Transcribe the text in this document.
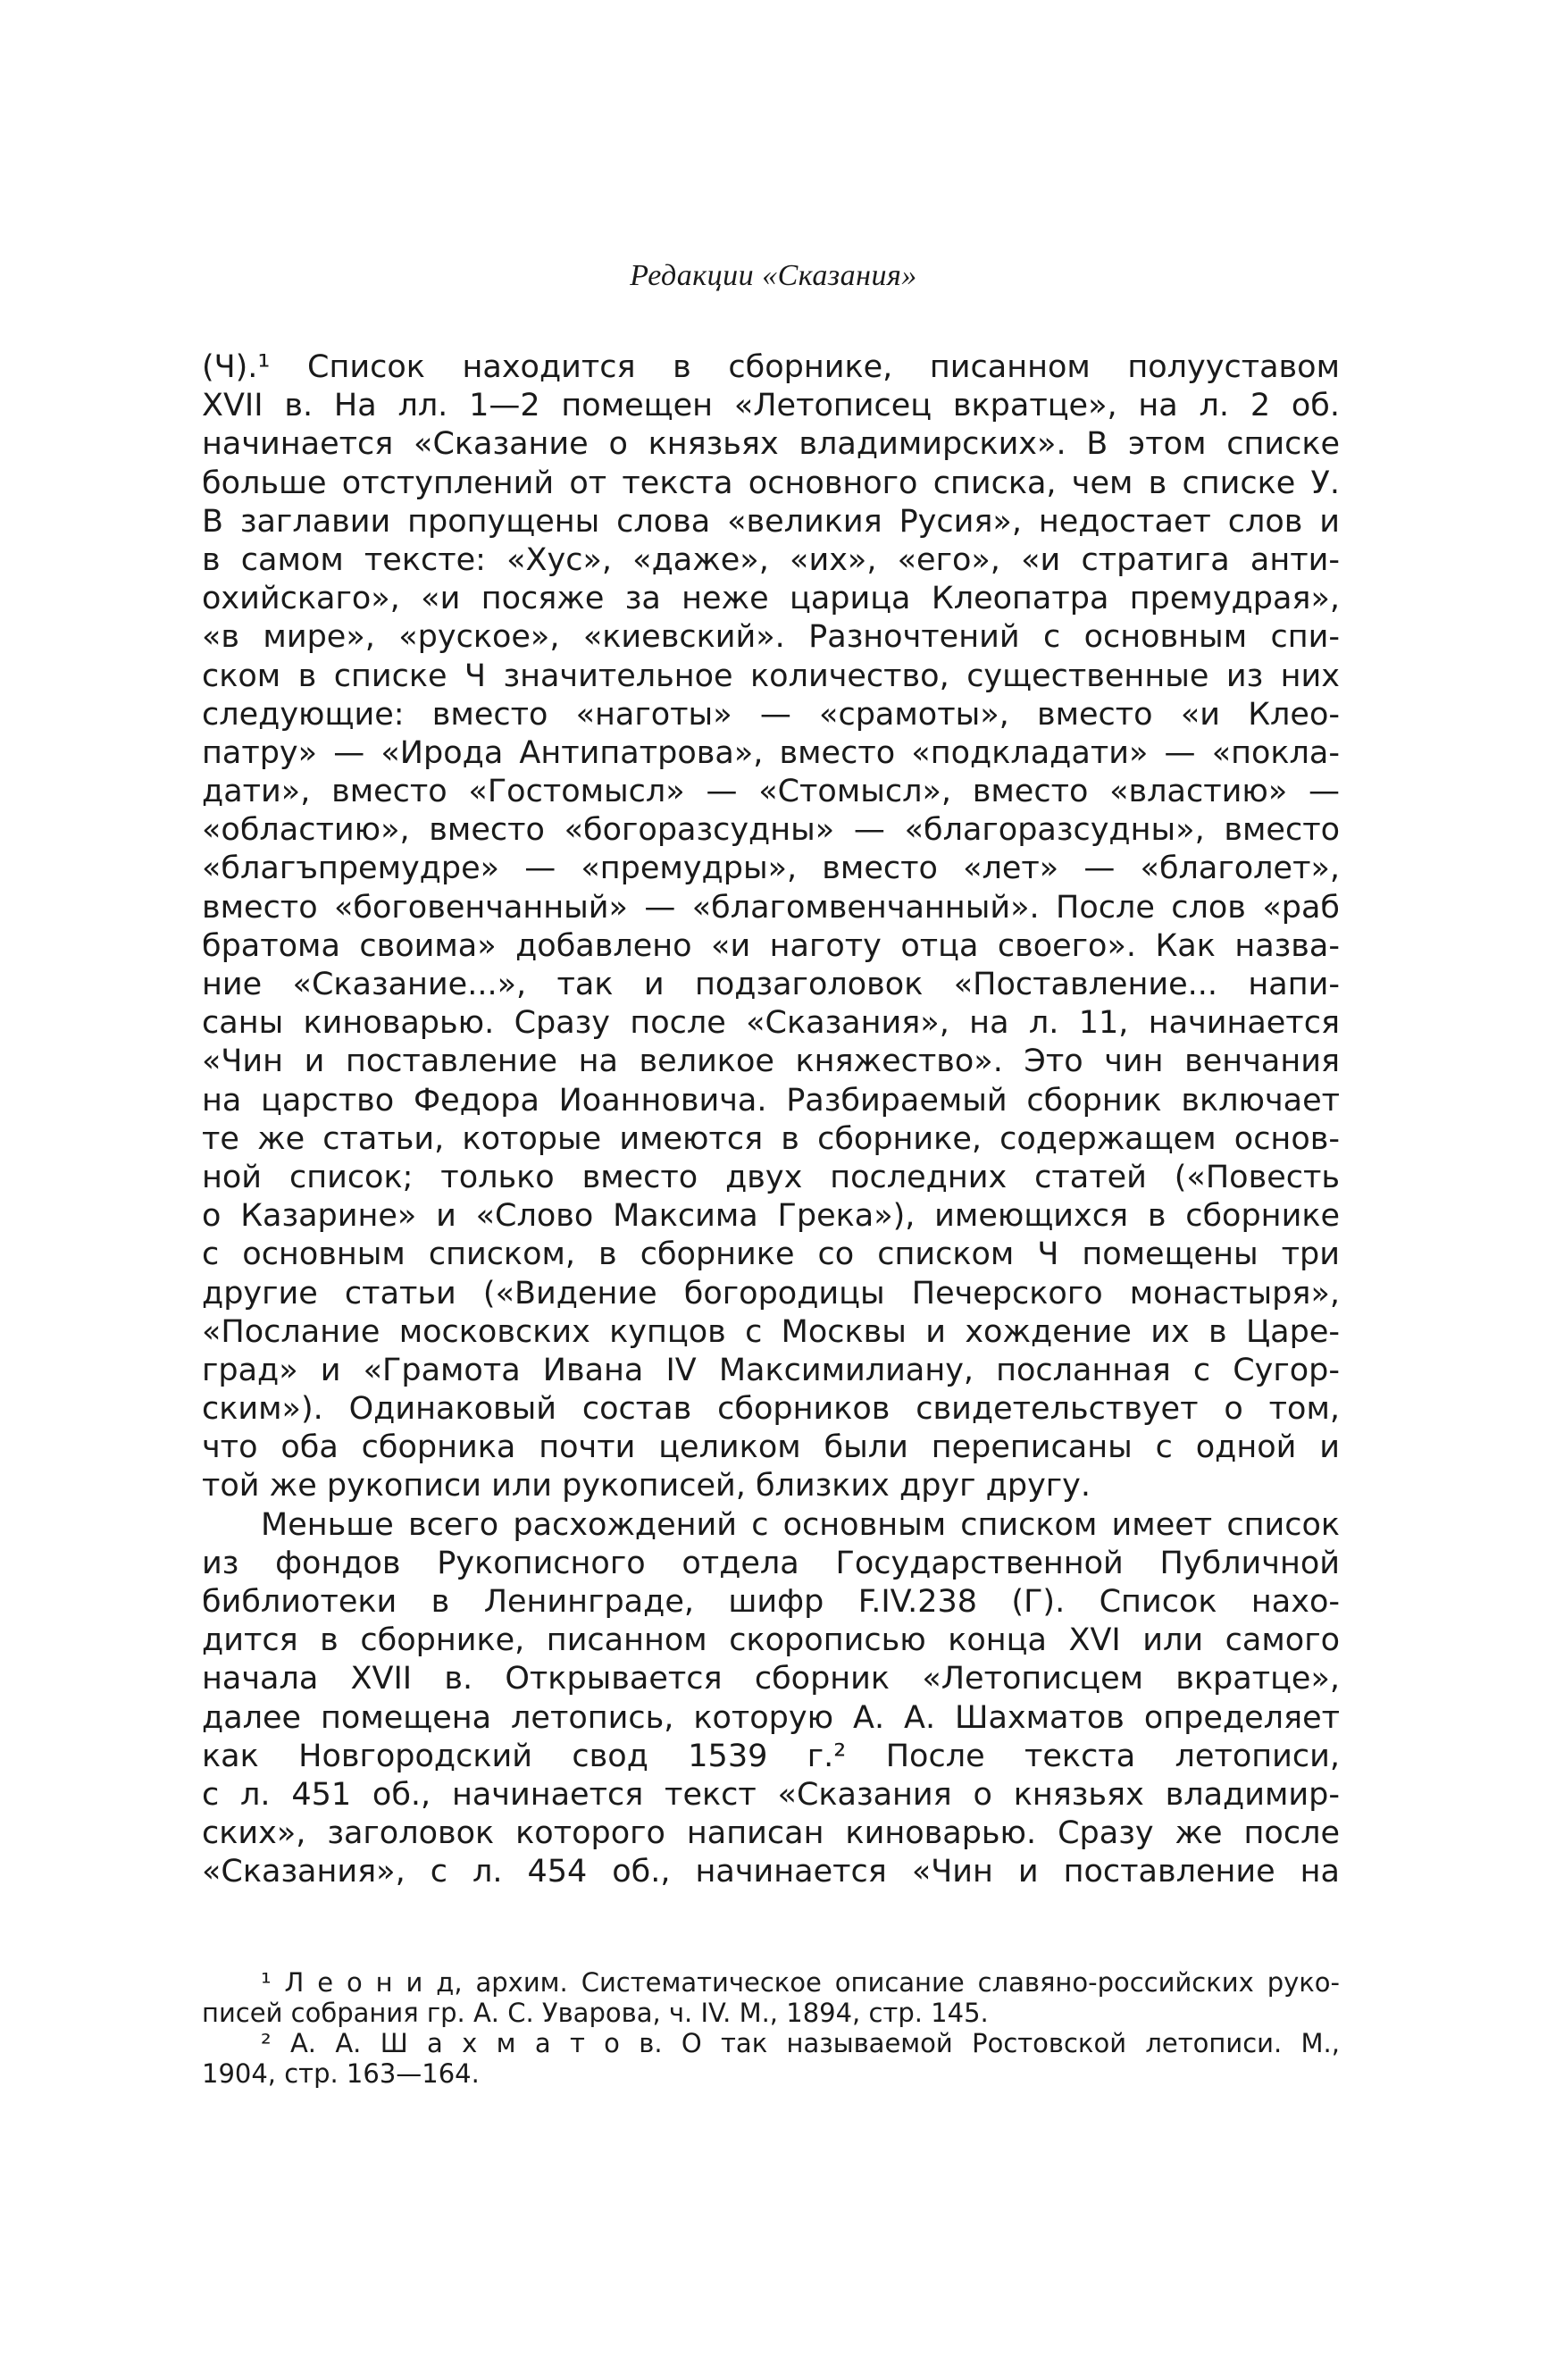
Редакции «Сказания»
(Ч).¹ Список находится в сборнике, писанном полууставом
XVII в. На лл. 1—2 помещен «Летописец вкратце», на л. 2 об.
начинается «Сказание о князьях владимирских». В этом списке
больше отступлений от текста основного списка, чем в списке У.
В заглавии пропущены слова «великия Русия», недостает слов и
в самом тексте: «Хус», «даже», «их», «его», «и стратига анти-
охийскаго», «и посяже за неже царица Клеопатра премудрая»,
«в мире», «руское», «киевский». Разночтений с основным спи-
ском в списке Ч значительное количество, существенные из них
следующие: вместо «наготы» — «срамоты», вместо «и Клео-
патру» — «Ирода Антипатрова», вместо «подкладати» — «покла-
дати», вместо «Гостомысл» — «Стомысл», вместо «властию» —
«областию», вместо «богоразсудны» — «благоразсудны», вместо
«благъпремудре» — «премудры», вместо «лет» — «благолет»,
вместо «боговенчанный» — «благомвенчанный». После слов «раб
братома своима» добавлено «и наготу отца своего». Как назва-
ние «Сказание...», так и подзаголовок «Поставление... напи-
саны киноварью. Сразу после «Сказания», на л. 11, начинается
«Чин и поставление на великое княжество». Это чин венчания
на царство Федора Иоанновича. Разбираемый сборник включает
те же статьи, которые имеются в сборнике, содержащем основ-
ной список; только вместо двух последних статей («Повесть
о Казарине» и «Слово Максима Грека»), имеющихся в сборнике
с основным списком, в сборнике со списком Ч помещены три
другие статьи («Видение богородицы Печерского монастыря»,
«Послание московских купцов с Москвы и хождение их в Царе-
град» и «Грамота Ивана IV Максимилиану, посланная с Сугор-
ским»). Одинаковый состав сборников свидетельствует о том,
что оба сборника почти целиком были переписаны с одной и
той же рукописи или рукописей, близких друг другу.
Меньше всего расхождений с основным списком имеет список
из фондов Рукописного отдела Государственной Публичной
библиотеки в Ленинграде, шифр F.IV.238 (Г). Список нахо-
дится в сборнике, писанном скорописью конца XVI или самого
начала XVII в. Открывается сборник «Летописцем вкратце»,
далее помещена летопись, которую А. А. Шахматов определяет
как Новгородский свод 1539 г.² После текста летописи,
с л. 451 об., начинается текст «Сказания о князьях владимир-
ских», заголовок которого написан киноварью. Сразу же после
«Сказания», с л. 454 об., начинается «Чин и поставление на
¹ Л е о н и д, архим. Систематическое описание славяно-российских руко-
писей собрания гр. А. С. Уварова, ч. IV. М., 1894, стр. 145.
² А. А. Ш а х м а т о в. О так называемой Ростовской летописи. М.,
1904, стр. 163—164.
